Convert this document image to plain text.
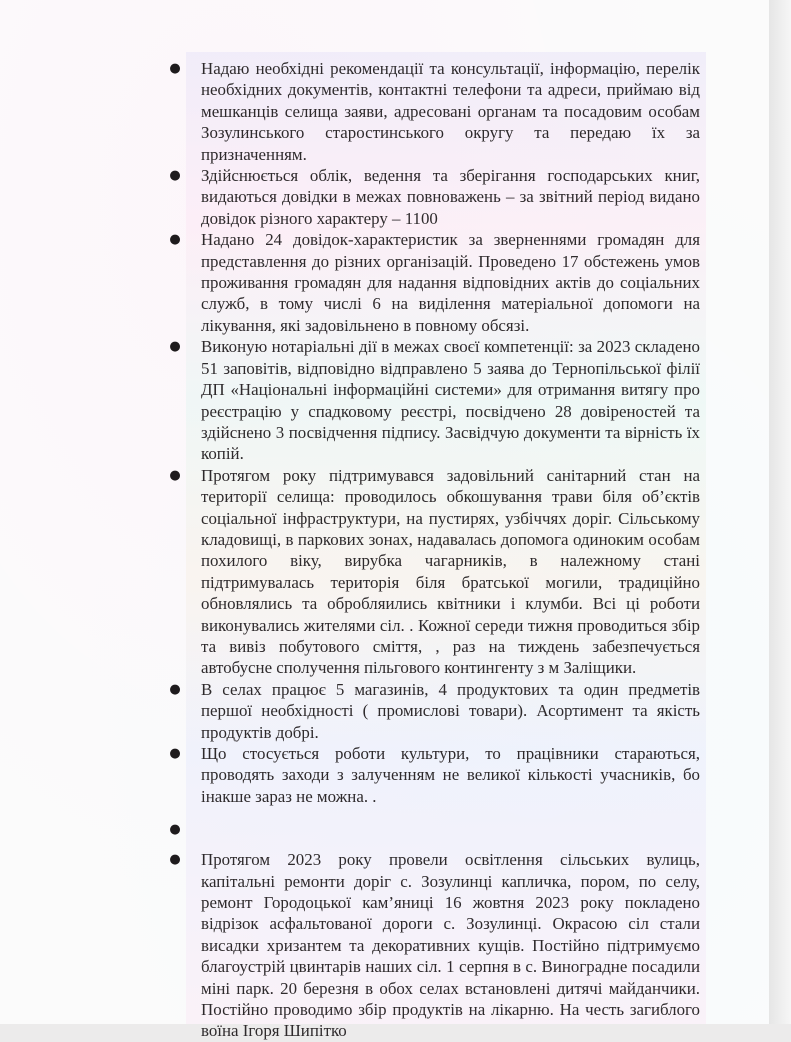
● Надаю необхідні рекомендації та консультації, інформацію, перелік необхідних документів, контактні телефони та адреси, приймаю від мешканців селища заяви, адресовані органам та посадовим особам Зозулинського старостинського округу та передаю їх за призначенням.
● Здійснюється облік, ведення та зберігання господарських книг, видаються довідки в межах повноважень – за звітний період видано довідок різного характеру – 1100
● Надано 24 довідок-характеристик за зверненнями громадян для представлення до різних організацій. Проведено 17 обстежень умов проживання громадян для надання відповідних актів до соціальних служб, в тому числі 6 на виділення матеріальної допомоги на лікування, які задовільнено в повному обсязі.
● Виконую нотаріальні дії в межах своєї компетенції: за 2023 складено 51 заповітів, відповідно відправлено 5 заява до Тернопільської філії ДП «Національні інформаційні системи» для отримання витягу про реєстрацію у спадковому реєстрі, посвідчено 28 довіреностей та здійснено 3 посвідчення підпису. Засвідчую документи та вірність їх копій.
● Протягом року підтримувався задовільний санітарний стан на території селища: проводилось обкошування трави біля об’єктів соціальної інфраструктури, на пустирях, узбіччях доріг. Сільському кладовищі, в паркових зонах, надавалась допомога одиноким особам похилого віку, вирубка чагарників, в належному стані підтримувалась територія біля братської могили, традиційно обновлялись та обробляились квітники і клумби. Всі ці роботи виконувались жителями сіл. . Кожної середи тижня проводиться збір та вивіз побутового сміття, , раз на тиждень забезпечується автобусне сполучення пільгового контингенту з м Заліщики.
● В селах працює 5 магазинів, 4 продуктових та один предметів першої необхідності ( промислові товари). Асортимент та якість продуктів добрі.
● Що стосується роботи культури, то працівники стараються, проводять заходи з залученням не великої кількості учасників, бо інакше зараз не можна. .
●
● Протягом 2023 року провели освітлення сільських вулиць, капітальні ремонти доріг с. Зозулинці капличка, пором, по селу, ремонт Городоцької кам’яниці 16 жовтня 2023 року покладено відрізок асфальтованої дороги с. Зозулинці. Окрасою сіл стали висадки хризантем та декоративних кущів. Постійно підтримуємо благоустрій цвинтарів наших сіл. 1 серпня в с. Виноградне посадили міні парк. 20 березня в обох селах встановлені дитячі майданчики. Постійно проводимо збір продуктів на лікарню. На честь загиблого воїна Ігоря Шипітко
